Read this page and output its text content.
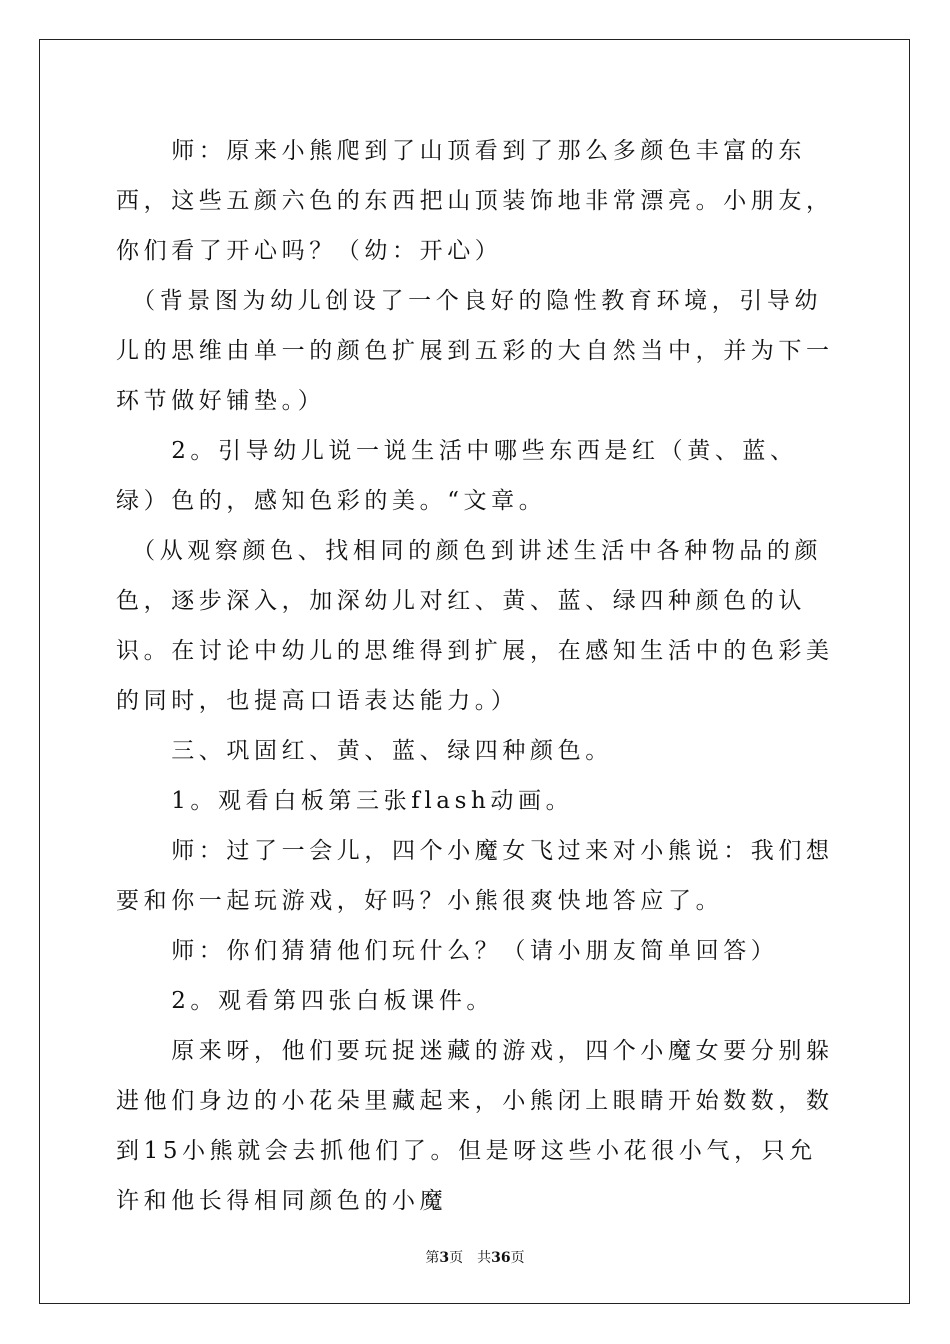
　　师：原来小熊爬到了山顶看到了那么多颜色丰富的东西，这些五颜六色的东西把山顶装饰地非常漂亮。小朋友，你们看了开心吗？（幼：开心）

　（背景图为幼儿创设了一个良好的隐性教育环境，引导幼儿的思维由单一的颜色扩展到五彩的大自然当中，并为下一环节做好铺垫。）

　　2。引导幼儿说一说生活中哪些东西是红（黄、蓝、绿）色的，感知色彩的美。“文章。

　（从观察颜色、找相同的颜色到讲述生活中各种物品的颜色，逐步深入，加深幼儿对红、黄、蓝、绿四种颜色的认识。在讨论中幼儿的思维得到扩展，在感知生活中的色彩美的同时，也提高口语表达能力。）

　　三、巩固红、黄、蓝、绿四种颜色。

　　1。观看白板第三张flash动画。

　　师：过了一会儿，四个小魔女飞过来对小熊说：我们想要和你一起玩游戏，好吗？小熊很爽快地答应了。

　　师：你们猜猜他们玩什么？（请小朋友简单回答）

　　2。观看第四张白板课件。

　　原来呀，他们要玩捉迷藏的游戏，四个小魔女要分别躲进他们身边的小花朵里藏起来，小熊闭上眼睛开始数数，数到15小熊就会去抓他们了。但是呀这些小花很小气，只允许和他长得相同颜色的小魔

第3页　共36页
